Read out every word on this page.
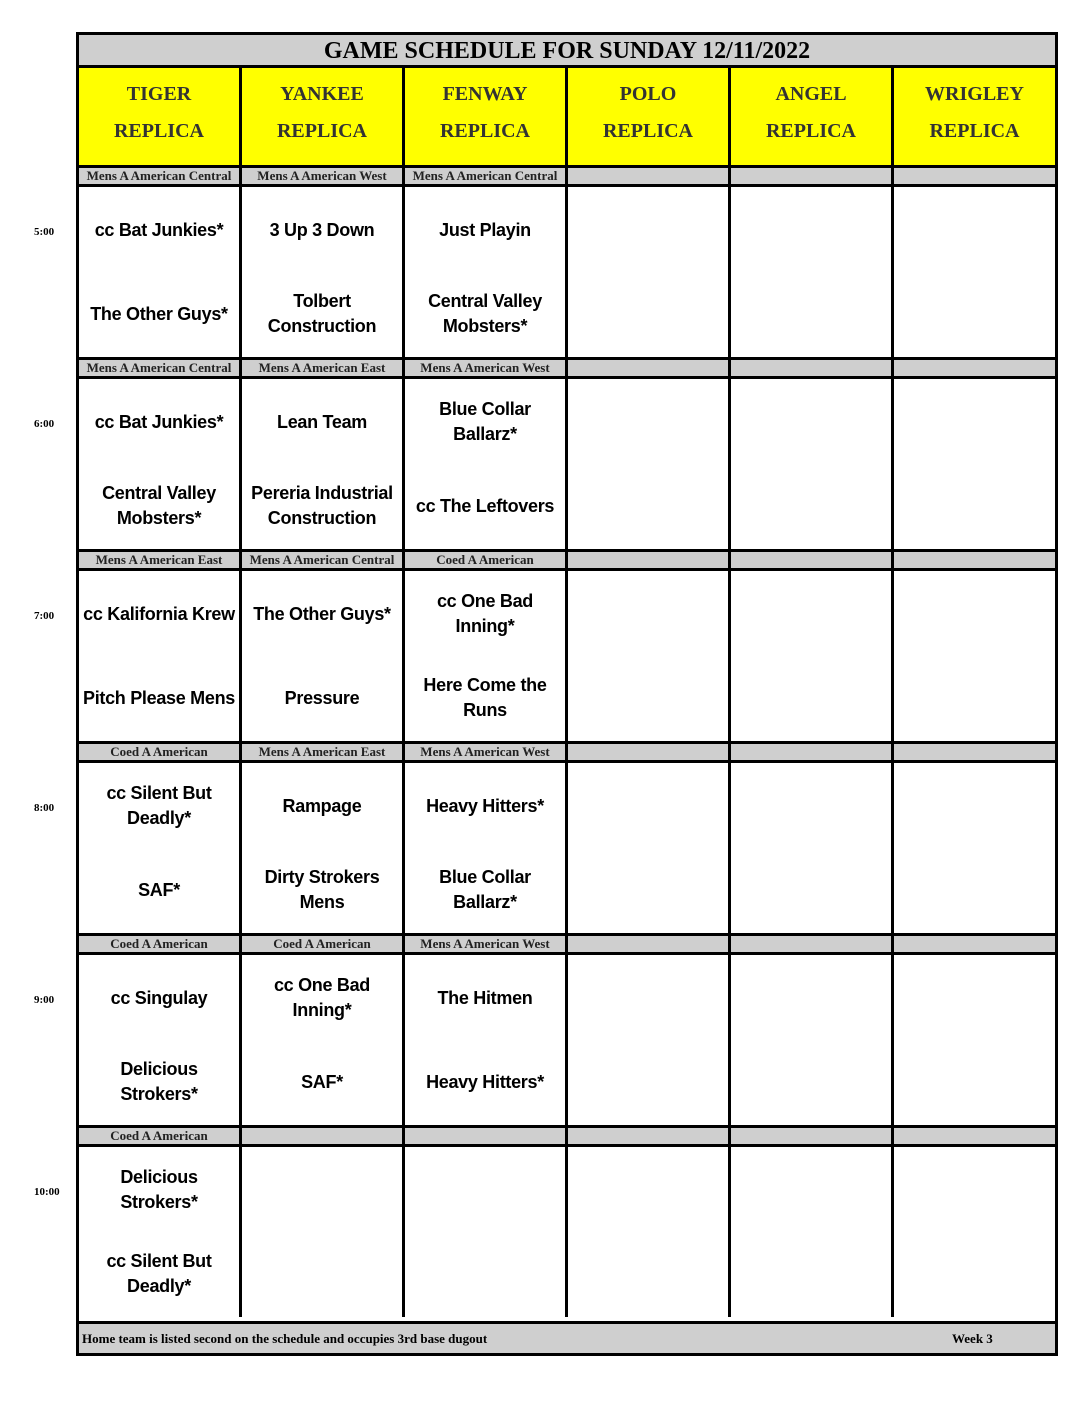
5:00
6:00
7:00
8:00
9:00
10:00
GAME SCHEDULE FOR SUNDAY 12/11/2022
TIGER
REPLICA
YANKEE
REPLICA
FENWAY
REPLICA
POLO
REPLICA
ANGEL
REPLICA
WRIGLEY
REPLICA
Mens A American Central
cc Bat Junkies*
The Other Guys*
Mens A American West
3 Up 3 Down
Tolbert Construction
Mens A American Central
Just Playin
Central Valley Mobsters*
Mens A American Central
cc Bat Junkies*
Central Valley Mobsters*
Mens A American East
Lean Team
Pereria Industrial Construction
Mens A American West
Blue Collar Ballarz*
cc The Leftovers
Mens A American East
cc Kalifornia Krew
Pitch Please Mens
Mens A American Central
The Other Guys*
Pressure
Coed A American
cc One Bad Inning*
Here Come the Runs
Coed A American
cc Silent But Deadly*
SAF*
Mens A American East
Rampage
Dirty Strokers Mens
Mens A American West
Heavy Hitters*
Blue Collar Ballarz*
Coed A American
cc Singulay
Delicious Strokers*
Coed A American
cc One Bad Inning*
SAF*
Mens A American West
The Hitmen
Heavy Hitters*
Coed A American
Delicious Strokers*
cc Silent But Deadly*
Home team is listed second on the schedule and occupies 3rd base dugout	Week 3
